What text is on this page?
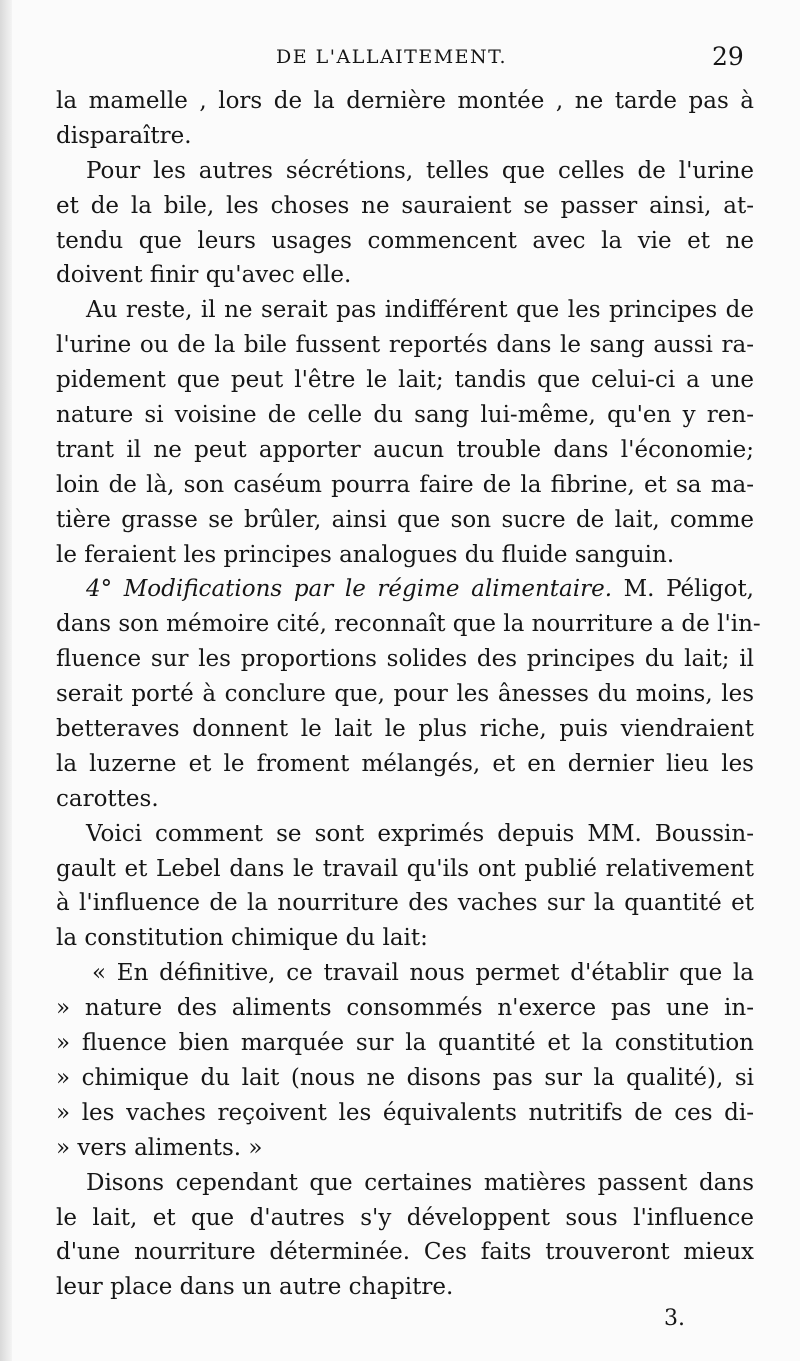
DE L'ALLAITEMENT.	29
la mamelle , lors de la dernière montée , ne tarde pas à
disparaître.
Pour les autres sécrétions, telles que celles de l'urine
et de la bile, les choses ne sauraient se passer ainsi, at-
tendu que leurs usages commencent avec la vie et ne
doivent finir qu'avec elle.
Au reste, il ne serait pas indifférent que les principes de
l'urine ou de la bile fussent reportés dans le sang aussi ra-
pidement que peut l'être le lait; tandis que celui-ci a une
nature si voisine de celle du sang lui-même, qu'en y ren-
trant il ne peut apporter aucun trouble dans l'économie;
loin de là, son caséum pourra faire de la fibrine, et sa ma-
tière grasse se brûler, ainsi que son sucre de lait, comme
le feraient les principes analogues du fluide sanguin.
4° Modifications par le régime alimentaire. M. Péligot,
dans son mémoire cité, reconnaît que la nourriture a de l'in-
fluence sur les proportions solides des principes du lait; il
serait porté à conclure que, pour les ânesses du moins, les
betteraves donnent le lait le plus riche, puis viendraient
la luzerne et le froment mélangés, et en dernier lieu les
carottes.
Voici comment se sont exprimés depuis MM. Boussin-
gault et Lebel dans le travail qu'ils ont publié relativement
à l'influence de la nourriture des vaches sur la quantité et
la constitution chimique du lait:
« En définitive, ce travail nous permet d'établir que la
» nature des aliments consommés n'exerce pas une in-
» fluence bien marquée sur la quantité et la constitution
» chimique du lait (nous ne disons pas sur la qualité), si
» les vaches reçoivent les équivalents nutritifs de ces di-
» vers aliments. »
Disons cependant que certaines matières passent dans
le lait, et que d'autres s'y développent sous l'influence
d'une nourriture déterminée. Ces faits trouveront mieux
leur place dans un autre chapitre.
3.
